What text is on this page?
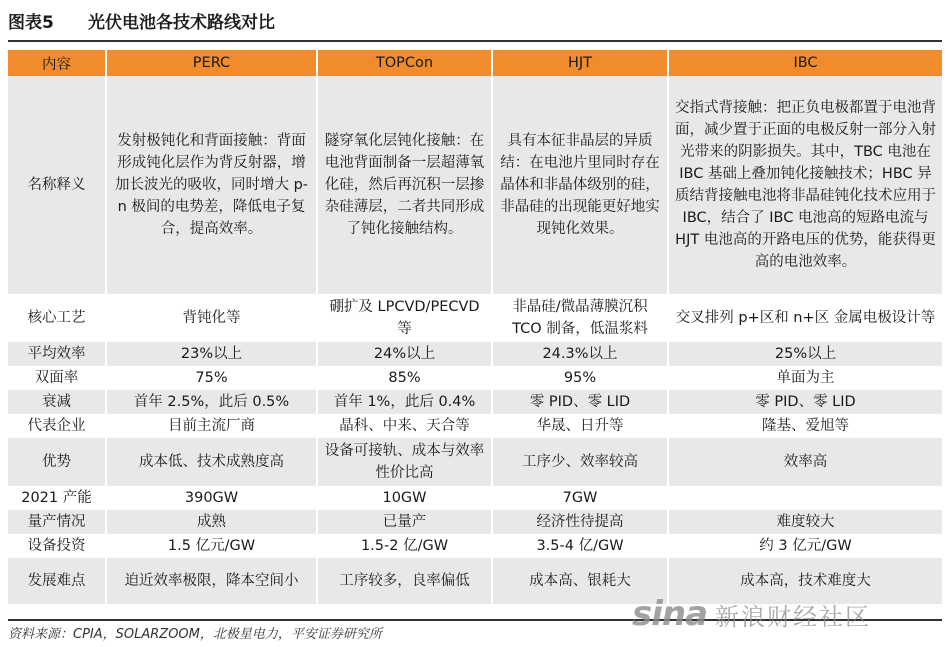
图表5	光伏电池各技术路线对比
内容	PERC	TOPCon	HJT	IBC
名称释义	发射极钝化和背面接触：背面形成钝化层作为背反射器，增加长波光的吸收，同时增大 p-n 极间的电势差，降低电子复合，提高效率。	隧穿氧化层钝化接触：在电池背面制备一层超薄氧化硅，然后再沉积一层掺杂硅薄层，二者共同形成了钝化接触结构。	具有本征非晶层的异质结：在电池片里同时存在晶体和非晶体级别的硅，非晶硅的出现能更好地实现钝化效果。	交指式背接触：把正负电极都置于电池背面，减少置于正面的电极反射一部分入射光带来的阴影损失。其中，TBC 电池在 IBC 基础上叠加钝化接触技术；HBC 异质结背接触电池将非晶硅钝化技术应用于 IBC，结合了 IBC 电池高的短路电流与 HJT 电池高的开路电压的优势，能获得更高的电池效率。
核心工艺	背钝化等	硼扩及 LPCVD/PECVD 等	非晶硅/微晶薄膜沉积 TCO 制备，低温浆料	交叉排列 p+区和 n+区 金属电极设计等
平均效率	23%以上	24%以上	24.3%以上	25%以上
双面率	75%	85%	95%	单面为主
衰减	首年 2.5%，此后 0.5%	首年 1%，此后 0.4%	零 PID、零 LID	零 PID、零 LID
代表企业	目前主流厂商	晶科、中来、天合等	华晟、日升等	隆基、爱旭等
优势	成本低、技术成熟度高	设备可接轨、成本与效率性价比高	工序少、效率较高	效率高
2021 产能	390GW	10GW	7GW	
量产情况	成熟	已量产	经济性待提高	难度较大
设备投资	1.5 亿元/GW	1.5-2 亿/GW	3.5-4 亿/GW	约 3 亿元/GW
发展难点	迫近效率极限，降本空间小	工序较多，良率偏低	成本高、银耗大	成本高，技术难度大
资料来源：CPIA，SOLARZOOM，北极星电力，平安证券研究所
sina 新浪财经社区
